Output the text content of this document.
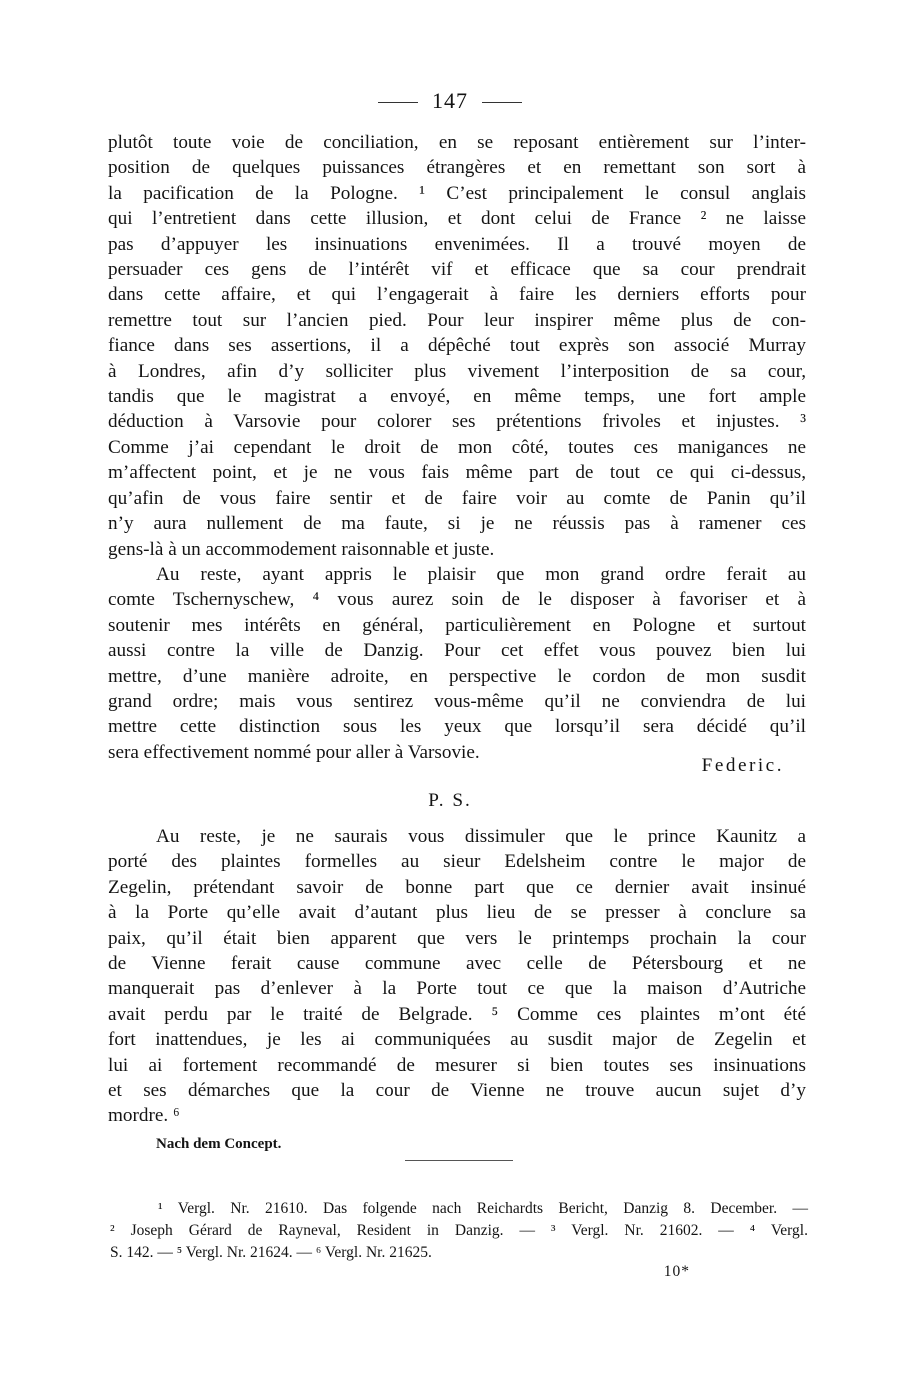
147
plutôt toute voie de conciliation, en se reposant entièrement sur l’inter-
position de quelques puissances étrangères et en remettant son sort à
la pacification de la Pologne. ¹ C’est principalement le consul anglais
qui l’entretient dans cette illusion, et dont celui de France ² ne laisse
pas d’appuyer les insinuations envenimées. Il a trouvé moyen de
persuader ces gens de l’intérêt vif et efficace que sa cour prendrait
dans cette affaire, et qui l’engagerait à faire les derniers efforts pour
remettre tout sur l’ancien pied. Pour leur inspirer même plus de con-
fiance dans ses assertions, il a dépêché tout exprès son associé Murray
à Londres, afin d’y solliciter plus vivement l’interposition de sa cour,
tandis que le magistrat a envoyé, en même temps, une fort ample
déduction à Varsovie pour colorer ses prétentions frivoles et injustes. ³
Comme j’ai cependant le droit de mon côté, toutes ces manigances ne
m’affectent point, et je ne vous fais même part de tout ce qui ci-dessus,
qu’afin de vous faire sentir et de faire voir au comte de Panin qu’il
n’y aura nullement de ma faute, si je ne réussis pas à ramener ces
gens-là à un accommodement raisonnable et juste.
Au reste, ayant appris le plaisir que mon grand ordre ferait au
comte Tschernyschew, ⁴ vous aurez soin de le disposer à favoriser et à
soutenir mes intérêts en général, particulièrement en Pologne et surtout
aussi contre la ville de Danzig. Pour cet effet vous pouvez bien lui
mettre, d’une manière adroite, en perspective le cordon de mon susdit
grand ordre; mais vous sentirez vous-même qu’il ne conviendra de lui
mettre cette distinction sous les yeux que lorsqu’il sera décidé qu’il
sera effectivement nommé pour aller à Varsovie.
Federic.
P. S.
Au reste, je ne saurais vous dissimuler que le prince Kaunitz a
porté des plaintes formelles au sieur Edelsheim contre le major de
Zegelin, prétendant savoir de bonne part que ce dernier avait insinué
à la Porte qu’elle avait d’autant plus lieu de se presser à conclure sa
paix, qu’il était bien apparent que vers le printemps prochain la cour
de Vienne ferait cause commune avec celle de Pétersbourg et ne
manquerait pas d’enlever à la Porte tout ce que la maison d’Autriche
avait perdu par le traité de Belgrade. ⁵ Comme ces plaintes m’ont été
fort inattendues, je les ai communiquées au susdit major de Zegelin et
lui ai fortement recommandé de mesurer si bien toutes ses insinuations
et ses démarches que la cour de Vienne ne trouve aucun sujet d’y
mordre. ⁶
Nach dem Concept.
¹ Vergl. Nr. 21610. Das folgende nach Reichardts Bericht, Danzig 8. December. —
² Joseph Gérard de Rayneval, Resident in Danzig. — ³ Vergl. Nr. 21602. — ⁴ Vergl.
S. 142. — ⁵ Vergl. Nr. 21624. — ⁶ Vergl. Nr. 21625.
10*
